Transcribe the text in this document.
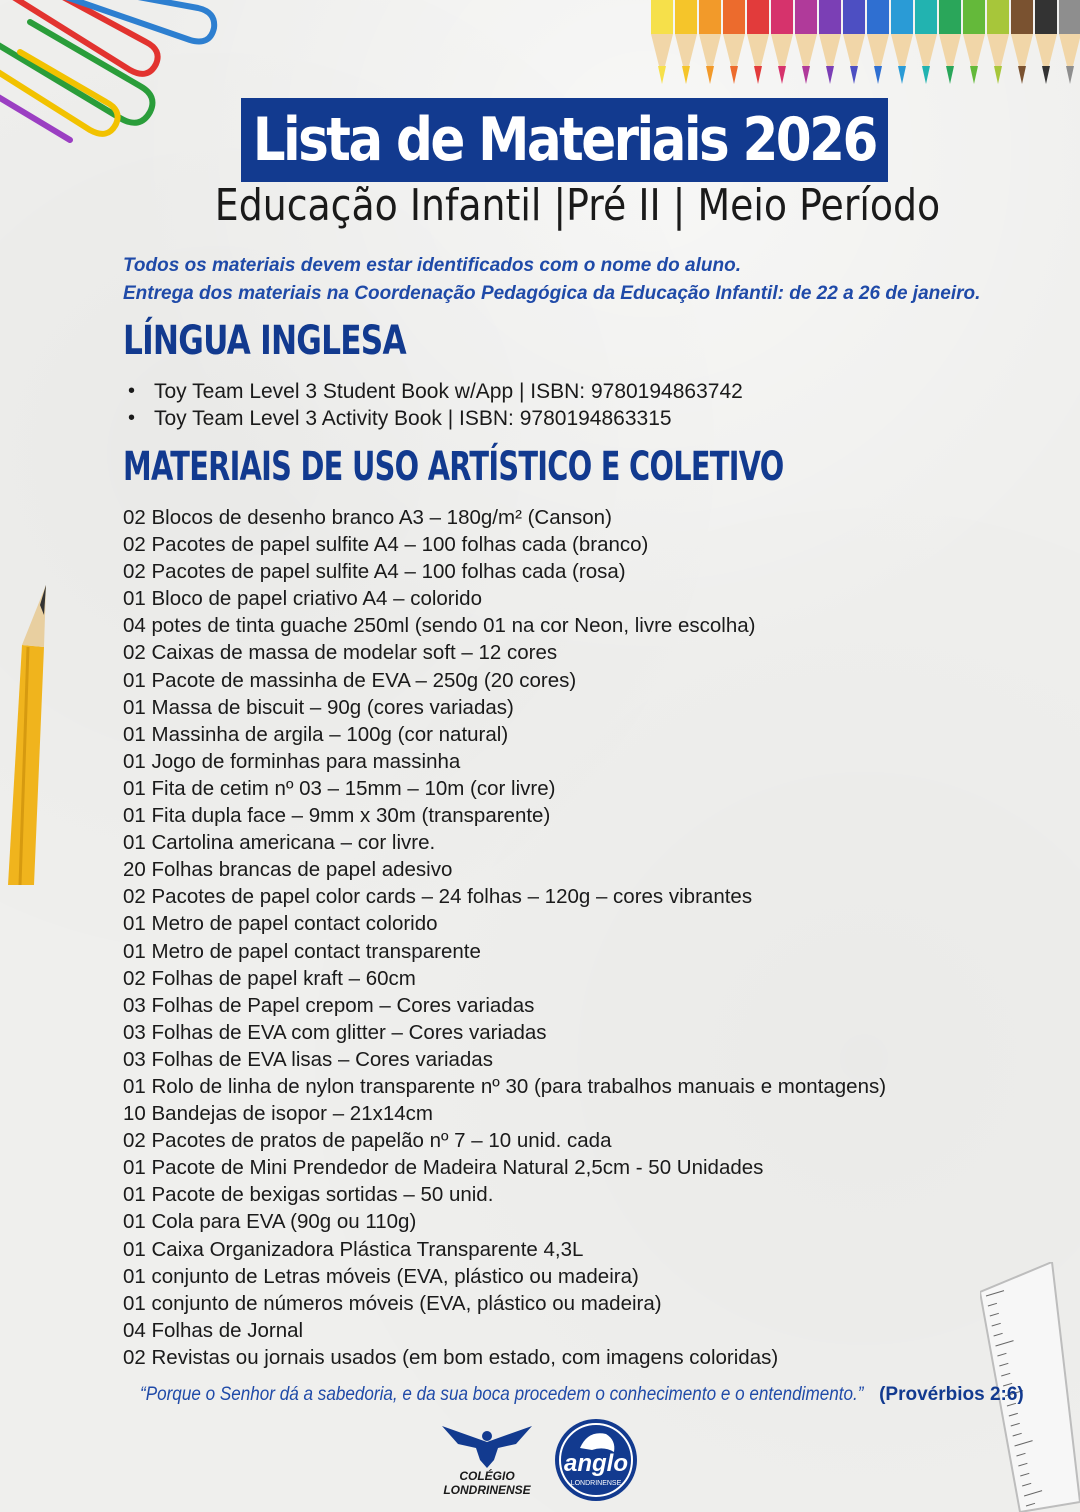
Lista de Materiais 2026
Educação Infantil |Pré II | Meio Período
Todos os materiais devem estar identificados com o nome do aluno.
Entrega dos materiais na Coordenação Pedagógica da Educação Infantil: de 22 a 26 de janeiro.
LÍNGUA INGLESA
• Toy Team Level 3 Student Book w/App | ISBN: 9780194863742
• Toy Team Level 3 Activity Book | ISBN: 9780194863315
MATERIAIS DE USO ARTÍSTICO E COLETIVO
02 Blocos de desenho branco A3 – 180g/m² (Canson)
02 Pacotes de papel sulfite A4 – 100 folhas cada (branco)
02 Pacotes de papel sulfite A4 – 100 folhas cada (rosa)
01 Bloco de papel criativo A4 – colorido
04 potes de tinta guache 250ml (sendo 01 na cor Neon, livre escolha)
02 Caixas de massa de modelar soft – 12 cores
01 Pacote de massinha de EVA – 250g (20 cores)
01 Massa de biscuit – 90g (cores variadas)
01 Massinha de argila – 100g (cor natural)
01 Jogo de forminhas para massinha
01 Fita de cetim nº 03 – 15mm – 10m (cor livre)
01 Fita dupla face – 9mm x 30m (transparente)
01 Cartolina americana – cor livre.
20 Folhas brancas de papel adesivo
02 Pacotes de papel color cards – 24 folhas – 120g – cores vibrantes
01 Metro de papel contact colorido
01 Metro de papel contact transparente
02 Folhas de papel kraft – 60cm
03 Folhas de Papel crepom – Cores variadas
03 Folhas de EVA com glitter – Cores variadas
03 Folhas de EVA lisas – Cores variadas
01 Rolo de linha de nylon transparente nº 30 (para trabalhos manuais e montagens)
10 Bandejas de isopor – 21x14cm
02 Pacotes de pratos de papelão nº 7 – 10 unid. cada
01 Pacote de Mini Prendedor de Madeira Natural 2,5cm - 50 Unidades
01 Pacote de bexigas sortidas – 50 unid.
01 Cola para EVA (90g ou 110g)
01 Caixa Organizadora Plástica Transparente 4,3L
01 conjunto de Letras móveis (EVA, plástico ou madeira)
01 conjunto de números móveis (EVA, plástico ou madeira)
04 Folhas de Jornal
02 Revistas ou jornais usados (em bom estado, com imagens coloridas)
“Porque o Senhor dá a sabedoria, e da sua boca procedem o conhecimento e o entendimento.” (Provérbios 2:6)
COLÉGIO LONDRINENSE
anglo
LONDRINENSE
